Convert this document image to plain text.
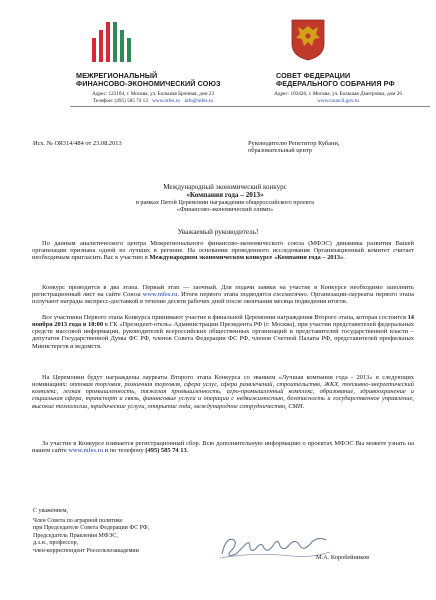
МЕЖРЕГИОНАЛЬНЫЙ
ФИНАНСОВО-ЭКОНОМИЧЕСКИЙ СОЮЗ
Адрес: 123104, г. Москва, ул. Большая Бронная, дом 23
Телефон: (495) 585 74 13 www.mfes.ru info@mfes.ru
СОВЕТ ФЕДЕРАЦИИ
ФЕДЕРАЛЬНОГО СОБРАНИЯ РФ
Адрес: 103426, г. Москва, ул. Большая Дмитровка, дом 26
www.council.gov.ru
Исх. № ОЯ314/484 от 23.08.2013	Руководителю Репетитор Кубани,
образовательный центр
Международный экономический конкурс
«Компания года – 2013»
в рамках Пятой Церемонии награждения общероссийского проекта
«Финансово-экономический олимп»
Уважаемый руководитель!

По данным аналитического центра Межрегионального финансово-экономического союза (МФЭС) динамика развития Вашей организации признана одной из лучших в регионе. На основании проведенного исследования Организационный комитет считает необходимым пригласить Вас к участию в Международном экономическом конкурсе «Компания года – 2013».

Конкурс проводится в два этапа. Первый этап — заочный. Для подачи заявки на участие в Конкурсе необходимо заполнить регистрационный лист на сайте Союза www.mfes.ru. Итоги первого этапа подводятся ежемесячно. Организации-лауреаты первого этапа получают награды экспресс-доставкой в течение десяти рабочих дней после окончания месяца подведения итогов.

Все участники Первого этапа Конкурса принимают участие в финальной Церемонии награждения Второго этапа, которая состоится 14 ноября 2013 года в 18:00 в ГК «Президент-отель» Администрации Президента РФ (г. Москва), при участии представителей федеральных средств массовой информации, руководителей всероссийских общественных организаций и представителей государственной власти – депутатов Государственной Думы ФС РФ, членов Совета Федерации ФС РФ, членов Счетной Палаты РФ, представителей профильных Министерств и ведомств.

На Церемонии будут награждены лауреаты Второго этапа Конкурса со званием «Лучшая компания года - 2013» в следующих номинациях: оптовая торговля, розничная торговля, сфера услуг, сфера развлечений, строительство, ЖКХ, топливно-энергетический комплекс, легкая промышленность, тяжелая промышленность, агро-промышленный комплекс, образование, здравоохранение и социальная сфера, транспорт и связь, финансовые услуги и операции с недвижимостью, безопасность и государственное управление, высокие технологии, юридические услуги, открытие года, международное сотрудничество, СМИ.

За участие в Конкурсе взимается регистрационный сбор. Всю дополнительную информацию о проектах МФЭС Вы можете узнать на нашем сайте www.mfes.ru и по телефону (495) 585 74 13.

С уважением,
Член Совета по аграрной политике
при Председателе Совета Федерации ФС РФ,
Председатель Правления МФЭС,
д.э.н., профессор,
член-корреспондент Россельхозакадемии
М.А. Коробейников
